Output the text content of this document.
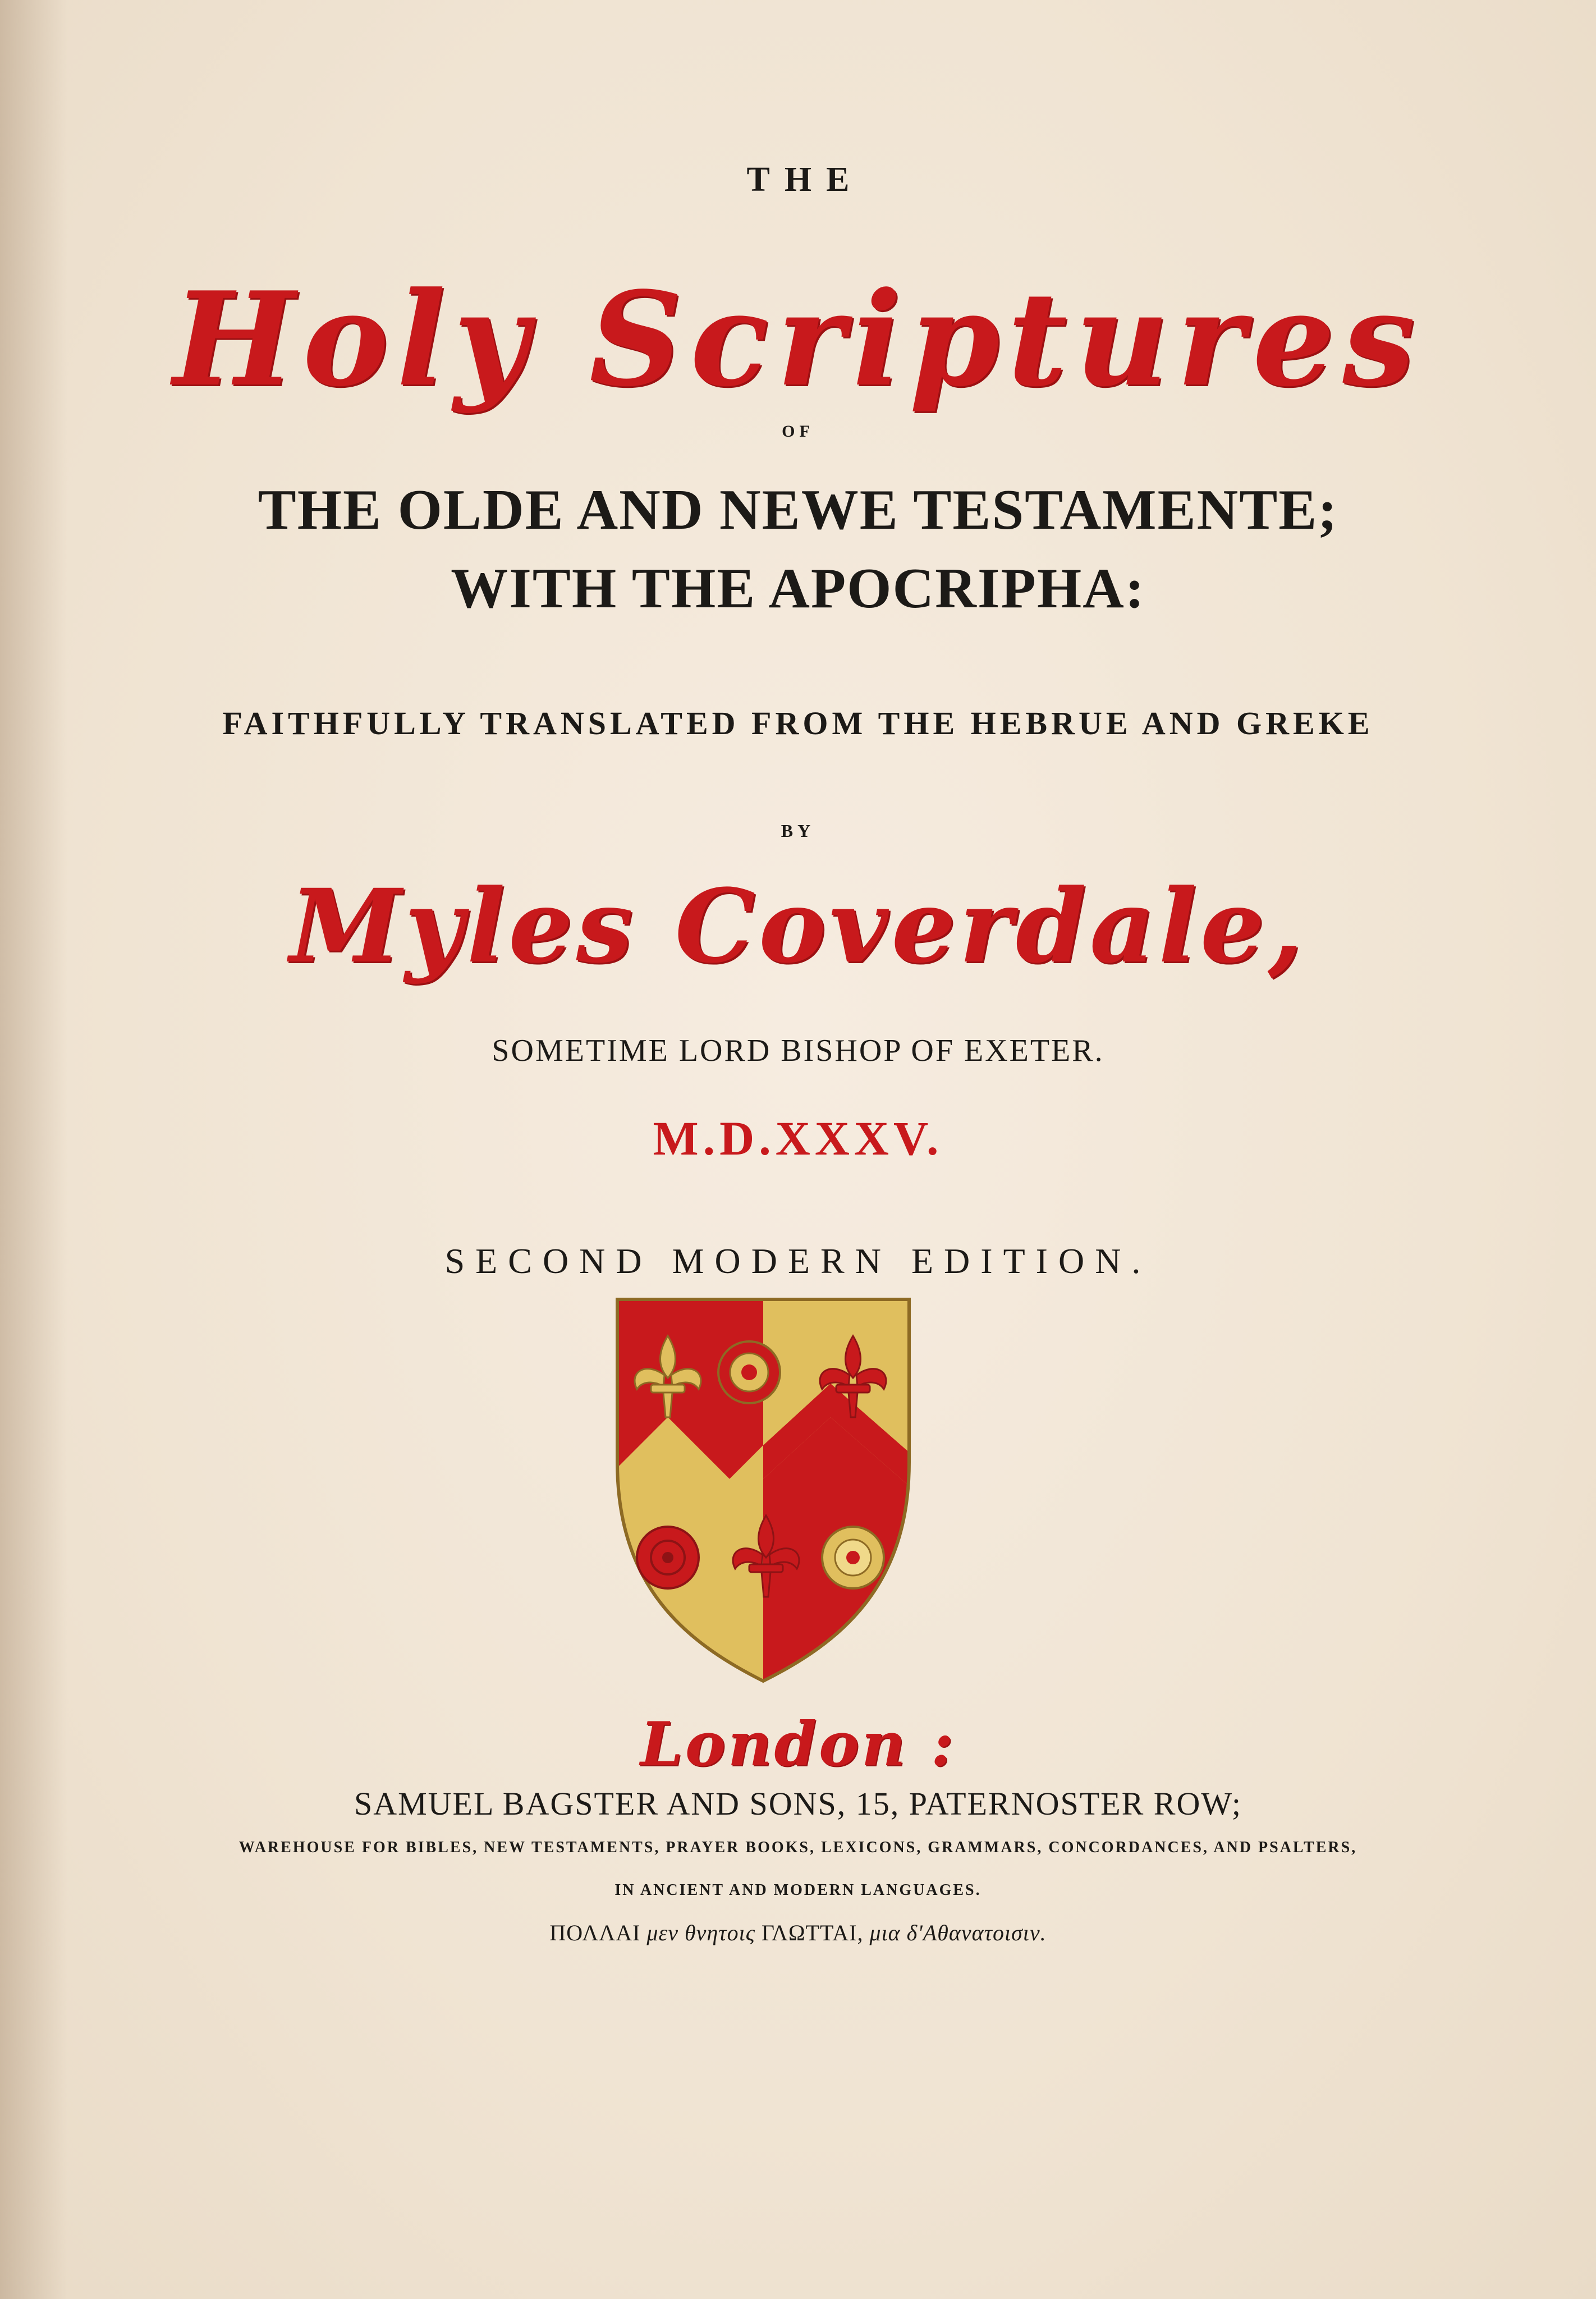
THE
Holy Scriptures
OF
THE OLDE AND NEWE TESTAMENTE;
WITH THE APOCRIPHA:
FAITHFULLY TRANSLATED FROM THE HEBRUE AND GREKE
BY
Myles Coverdale,
SOMETIME LORD BISHOP OF EXETER.
M.D.XXXV.
SECOND MODERN EDITION.
London :
SAMUEL BAGSTER AND SONS, 15, PATERNOSTER ROW;
WAREHOUSE FOR BIBLES, NEW TESTAMENTS, PRAYER BOOKS, LEXICONS, GRAMMARS, CONCORDANCES, AND PSALTERS,
IN ANCIENT AND MODERN LANGUAGES.
ΠΟΛΛΑΙ μεν θνητοις ΓΛΩΤΤΑΙ, μια δ'Αθανατοισιν.
